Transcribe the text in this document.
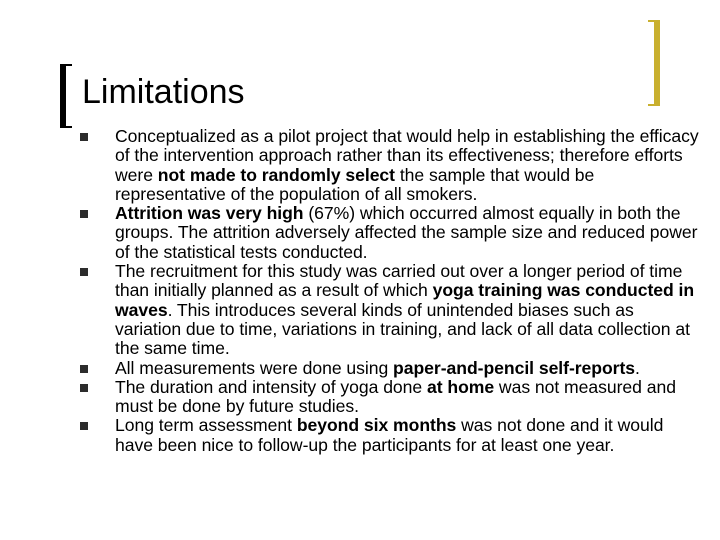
Limitations
Conceptualized as a pilot project that would help in establishing the efficacy of the intervention approach rather than its effectiveness; therefore efforts were not made to randomly select the sample that would be representative of the population of all smokers.
Attrition was very high (67%) which occurred almost equally in both the groups. The attrition adversely affected the sample size and reduced power of the statistical tests conducted.
The recruitment for this study was carried out over a longer period of time than initially planned as a result of which yoga training was conducted in waves. This introduces several kinds of unintended biases such as variation due to time, variations in training, and lack of all data collection at the same time.
All measurements were done using paper-and-pencil self-reports.
The duration and intensity of yoga done at home was not measured and must be done by future studies.
Long term assessment beyond six months was not done and it would have been nice to follow-up the participants for at least one year.
